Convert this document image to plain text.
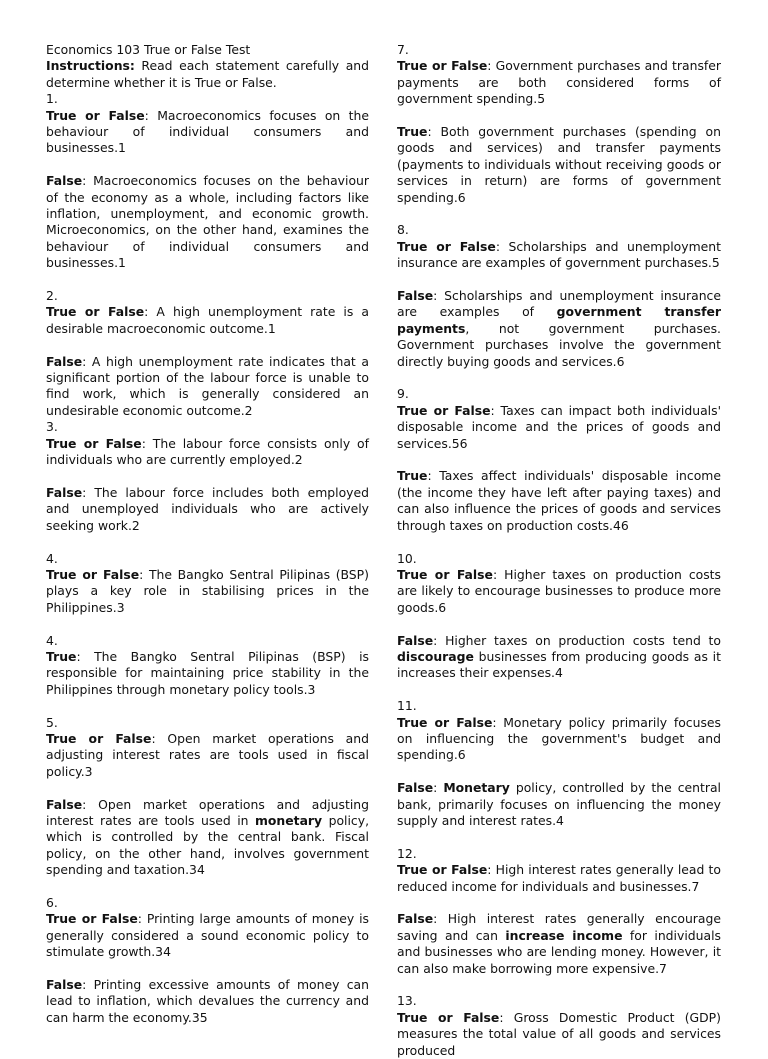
Economics 103 True or False Test

Instructions: Read each statement carefully and determine whether it is True or False.

1.

True or False: Macroeconomics focuses on the behaviour of individual consumers and businesses.1

False: Macroeconomics focuses on the behaviour of the economy as a whole, including factors like inflation, unemployment, and economic growth. Microeconomics, on the other hand, examines the behaviour of individual consumers and businesses.1

2.

True or False: A high unemployment rate is a desirable macroeconomic outcome.1

False: A high unemployment rate indicates that a significant portion of the labour force is unable to find work, which is generally considered an undesirable economic outcome.2

3.

True or False: The labour force consists only of individuals who are currently employed.2

False: The labour force includes both employed and unemployed individuals who are actively seeking work.2

4.

True or False: The Bangko Sentral Pilipinas (BSP) plays a key role in stabilising prices in the Philippines.3

4.

True: The Bangko Sentral Pilipinas (BSP) is responsible for maintaining price stability in the Philippines through monetary policy tools.3

5.

True or False: Open market operations and adjusting interest rates are tools used in fiscal policy.3

False: Open market operations and adjusting interest rates are tools used in monetary policy, which is controlled by the central bank. Fiscal policy, on the other hand, involves government spending and taxation.34

6.

True or False: Printing large amounts of money is generally considered a sound economic policy to stimulate growth.34

False: Printing excessive amounts of money can lead to inflation, which devalues the currency and can harm the economy.35

7.

True or False: Government purchases and transfer payments are both considered forms of government spending.5

True: Both government purchases (spending on goods and services) and transfer payments (payments to individuals without receiving goods or services in return) are forms of government spending.6

8.

True or False: Scholarships and unemployment insurance are examples of government purchases.5

False: Scholarships and unemployment insurance are examples of government transfer payments, not government purchases. Government purchases involve the government directly buying goods and services.6

9.

True or False: Taxes can impact both individuals' disposable income and the prices of goods and services.56

True: Taxes affect individuals' disposable income (the income they have left after paying taxes) and can also influence the prices of goods and services through taxes on production costs.46

10.

True or False: Higher taxes on production costs are likely to encourage businesses to produce more goods.6

False: Higher taxes on production costs tend to discourage businesses from producing goods as it increases their expenses.4

11.

True or False: Monetary policy primarily focuses on influencing the government's budget and spending.6

False: Monetary policy, controlled by the central bank, primarily focuses on influencing the money supply and interest rates.4

12.

True or False: High interest rates generally lead to reduced income for individuals and businesses.7

False: High interest rates generally encourage saving and can increase income for individuals and businesses who are lending money. However, it can also make borrowing more expensive.7

13.

True or False: Gross Domestic Product (GDP) measures the total value of all goods and services produced
